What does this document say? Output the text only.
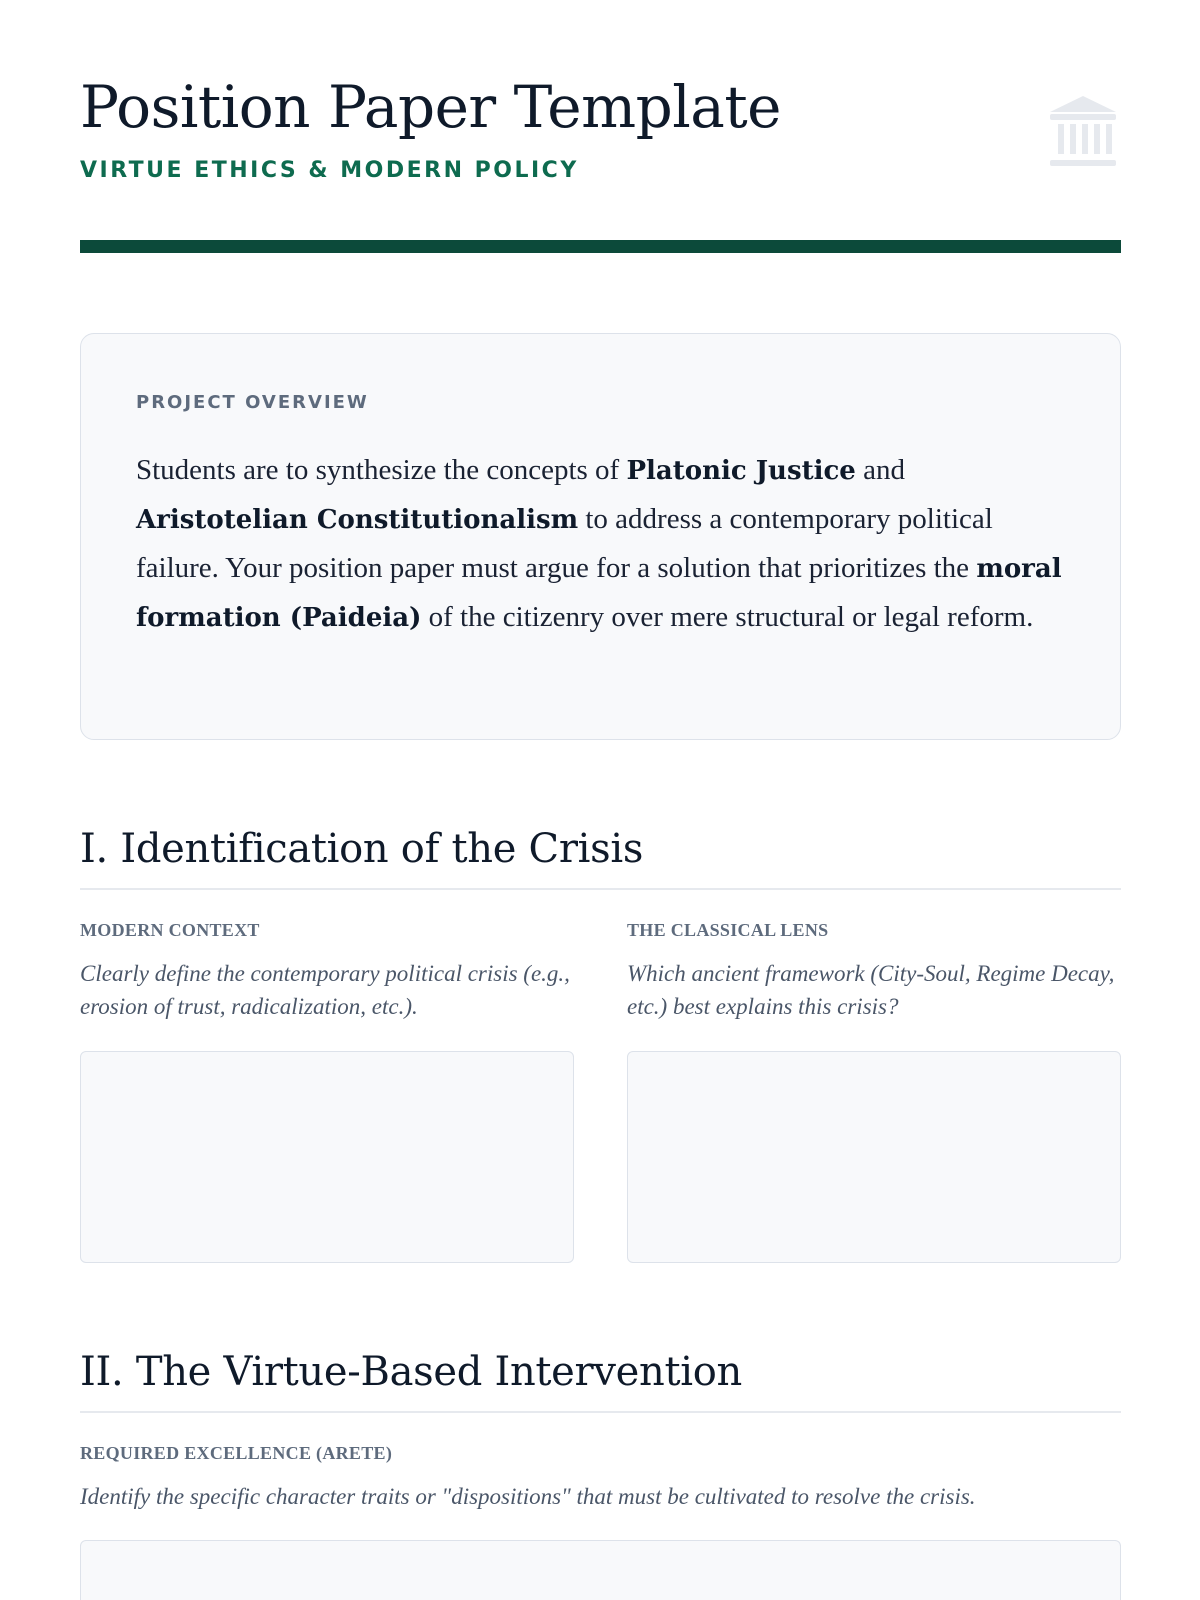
Position Paper Template
VIRTUE ETHICS & MODERN POLICY
PROJECT OVERVIEW

Students are to synthesize the concepts of Platonic Justice and Aristotelian Constitutionalism to address a contemporary political failure. Your position paper must argue for a solution that prioritizes the moral formation (Paideia) of the citizenry over mere structural or legal reform.

I. Identification of the Crisis
MODERN CONTEXT
Clearly define the contemporary political crisis (e.g., erosion of trust, radicalization, etc.).
THE CLASSICAL LENS
Which ancient framework (City-Soul, Regime Decay, etc.) best explains this crisis?
II. The Virtue-Based Intervention
REQUIRED EXCELLENCE (ARETE)
Identify the specific character traits or "dispositions" that must be cultivated to resolve the crisis.
